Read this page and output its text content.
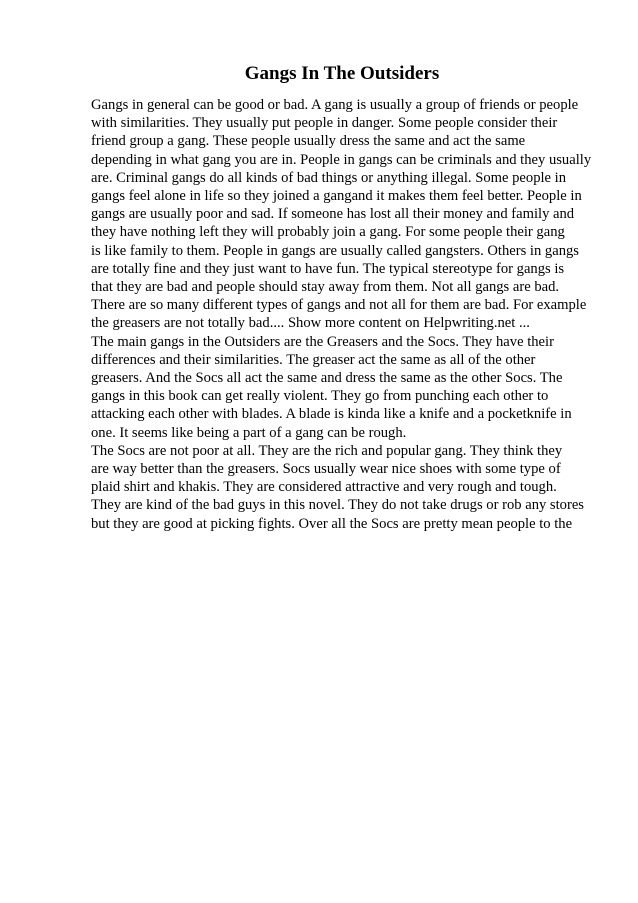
Gangs In The Outsiders
Gangs in general can be good or bad. A gang is usually a group of friends or people
with similarities. They usually put people in danger. Some people consider their
friend group a gang. These people usually dress the same and act the same
depending in what gang you are in. People in gangs can be criminals and they usually
are. Criminal gangs do all kinds of bad things or anything illegal. Some people in
gangs feel alone in life so they joined a gangand it makes them feel better. People in
gangs are usually poor and sad. If someone has lost all their money and family and
they have nothing left they will probably join a gang. For some people their gang
is like family to them. People in gangs are usually called gangsters. Others in gangs
are totally fine and they just want to have fun. The typical stereotype for gangs is
that they are bad and people should stay away from them. Not all gangs are bad.
There are so many different types of gangs and not all for them are bad. For example
the greasers are not totally bad.... Show more content on Helpwriting.net ...
The main gangs in the Outsiders are the Greasers and the Socs. They have their
differences and their similarities. The greaser act the same as all of the other
greasers. And the Socs all act the same and dress the same as the other Socs. The
gangs in this book can get really violent. They go from punching each other to
attacking each other with blades. A blade is kinda like a knife and a pocketknife in
one. It seems like being a part of a gang can be rough.
The Socs are not poor at all. They are the rich and popular gang. They think they
are way better than the greasers. Socs usually wear nice shoes with some type of
plaid shirt and khakis. They are considered attractive and very rough and tough.
They are kind of the bad guys in this novel. They do not take drugs or rob any stores
but they are good at picking fights. Over all the Socs are pretty mean people to the
